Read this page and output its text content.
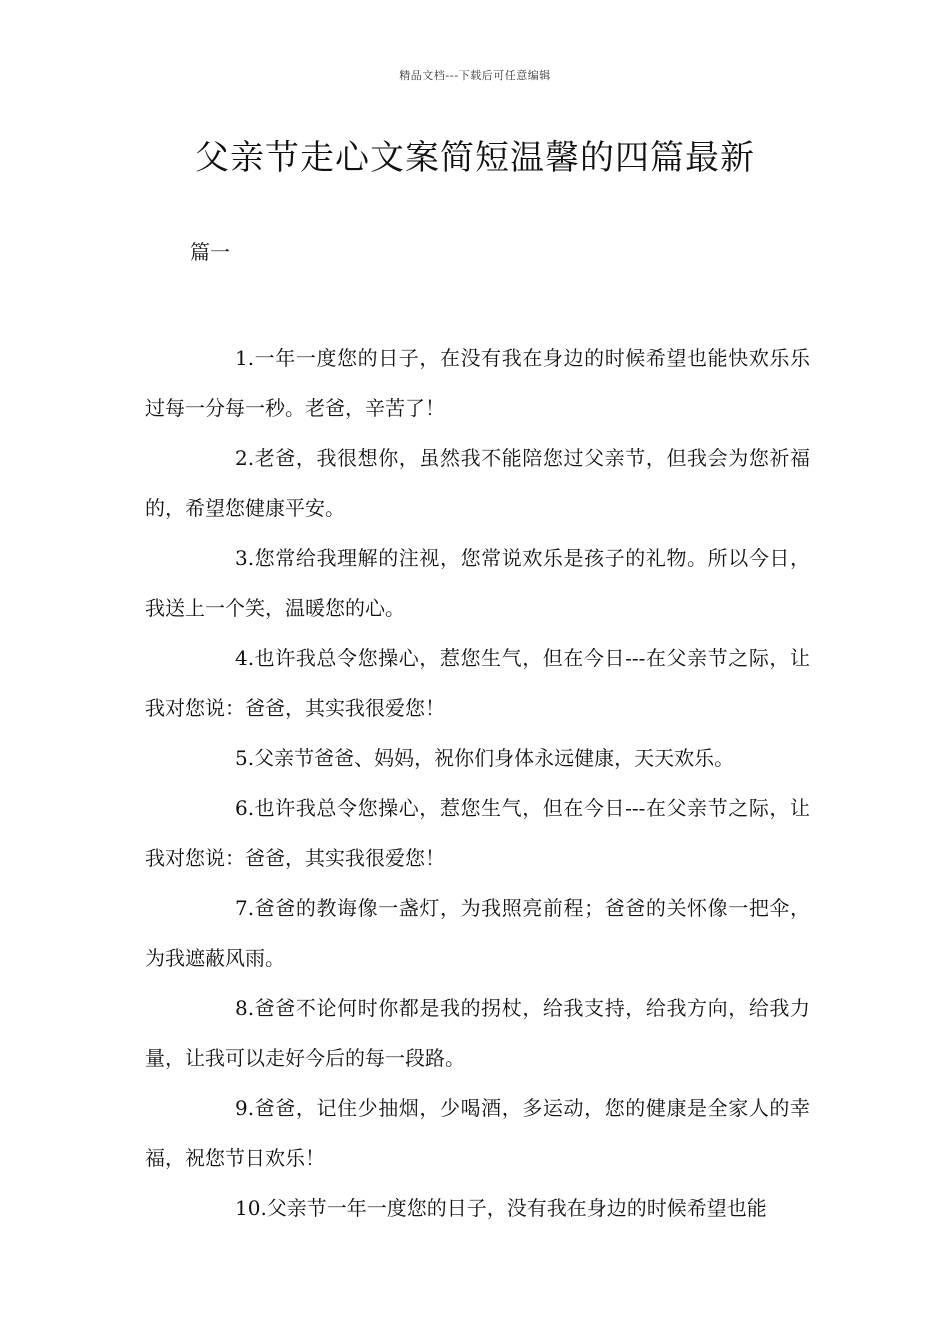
精品文档---下载后可任意编辑
父亲节走心文案简短温馨的四篇最新
篇一

1.一年一度您的日子，在没有我在身边的时候希望也能快欢乐乐过每一分每一秒。老爸，辛苦了！

2.老爸，我很想你，虽然我不能陪您过父亲节，但我会为您祈福的，希望您健康平安。

3.您常给我理解的注视，您常说欢乐是孩子的礼物。所以今日，我送上一个笑，温暖您的心。

4.也许我总令您操心，惹您生气，但在今日---在父亲节之际，让我对您说：爸爸，其实我很爱您！

5.父亲节爸爸、妈妈，祝你们身体永远健康，天天欢乐。

6.也许我总令您操心，惹您生气，但在今日---在父亲节之际，让我对您说：爸爸，其实我很爱您！

7.爸爸的教诲像一盏灯，为我照亮前程；爸爸的关怀像一把伞，为我遮蔽风雨。

8.爸爸不论何时你都是我的拐杖，给我支持，给我方向，给我力量，让我可以走好今后的每一段路。

9.爸爸，记住少抽烟，少喝酒，多运动，您的健康是全家人的幸福，祝您节日欢乐！

10.父亲节一年一度您的日子，没有我在身边的时候希望也能
